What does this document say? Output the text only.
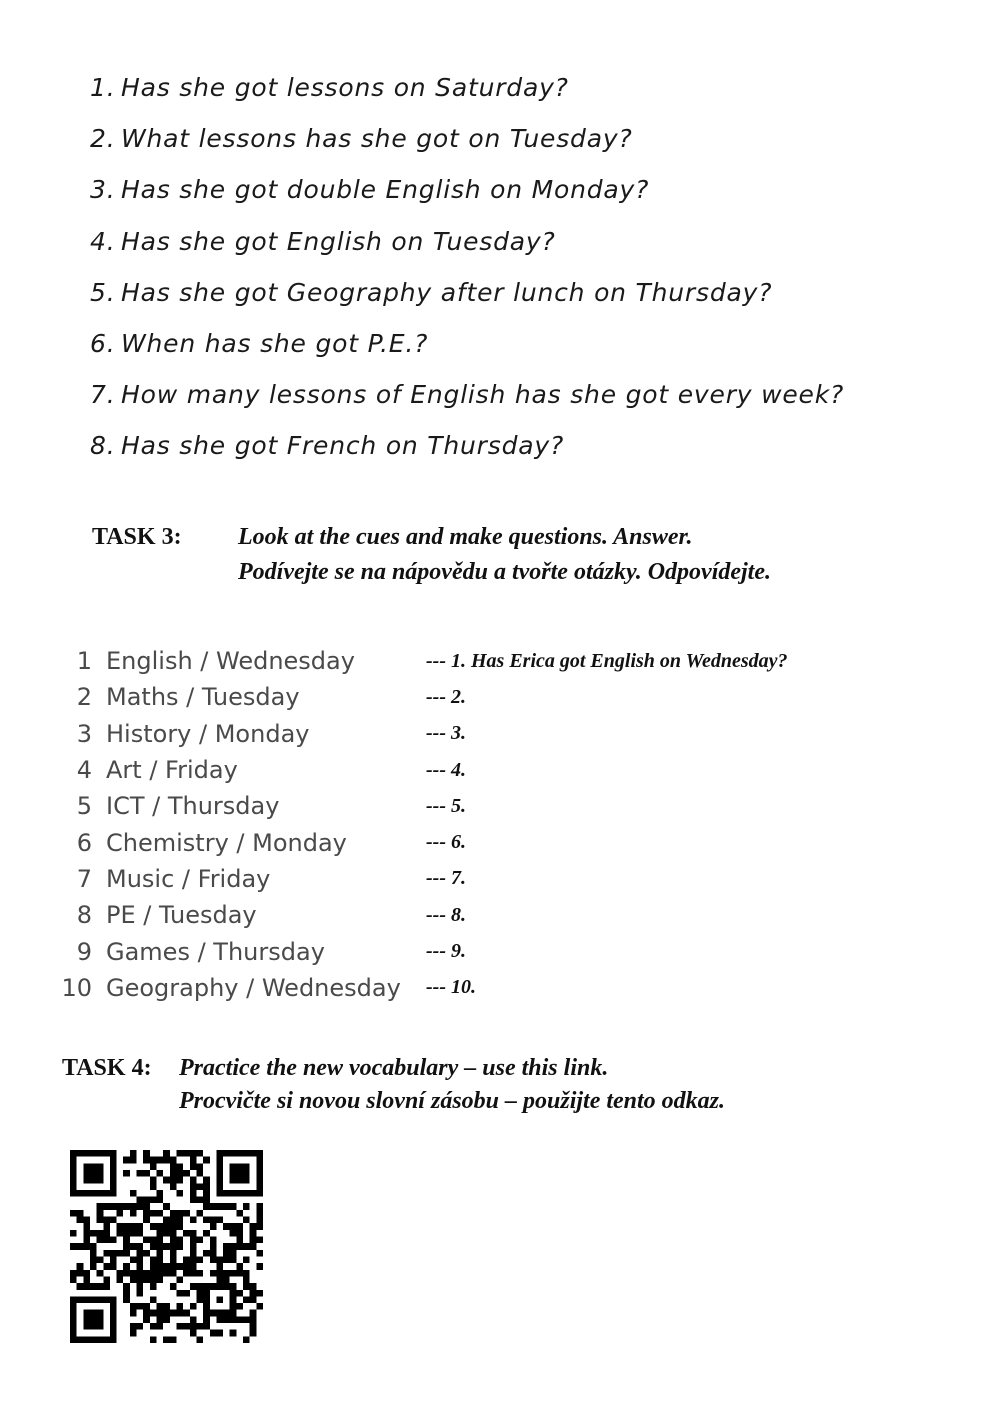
1. Has she got lessons on Saturday?
2. What lessons has she got on Tuesday?
3. Has she got double English on Monday?
4. Has she got English on Tuesday?
5. Has she got Geography after lunch on Thursday?
6. When has she got P.E.?
7. How many lessons of English has she got every week?
8. Has she got French on Thursday?
TASK 3: Look at the cues and make questions. Answer.
Podívejte se na nápovědu a tvořte otázky. Odpovídejte.
1 English / Wednesday	--- 1. Has Erica got English on Wednesday?
2 Maths / Tuesday	--- 2.
3 History / Monday	--- 3.
4 Art / Friday	--- 4.
5 ICT / Thursday	--- 5.
6 Chemistry / Monday	--- 6.
7 Music / Friday	--- 7.
8 PE / Tuesday	--- 8.
9 Games / Thursday	--- 9.
10 Geography / Wednesday --- 10.
TASK 4: Practice the new vocabulary – use this link.
Procvičte si novou slovní zásobu – použijte tento odkaz.
